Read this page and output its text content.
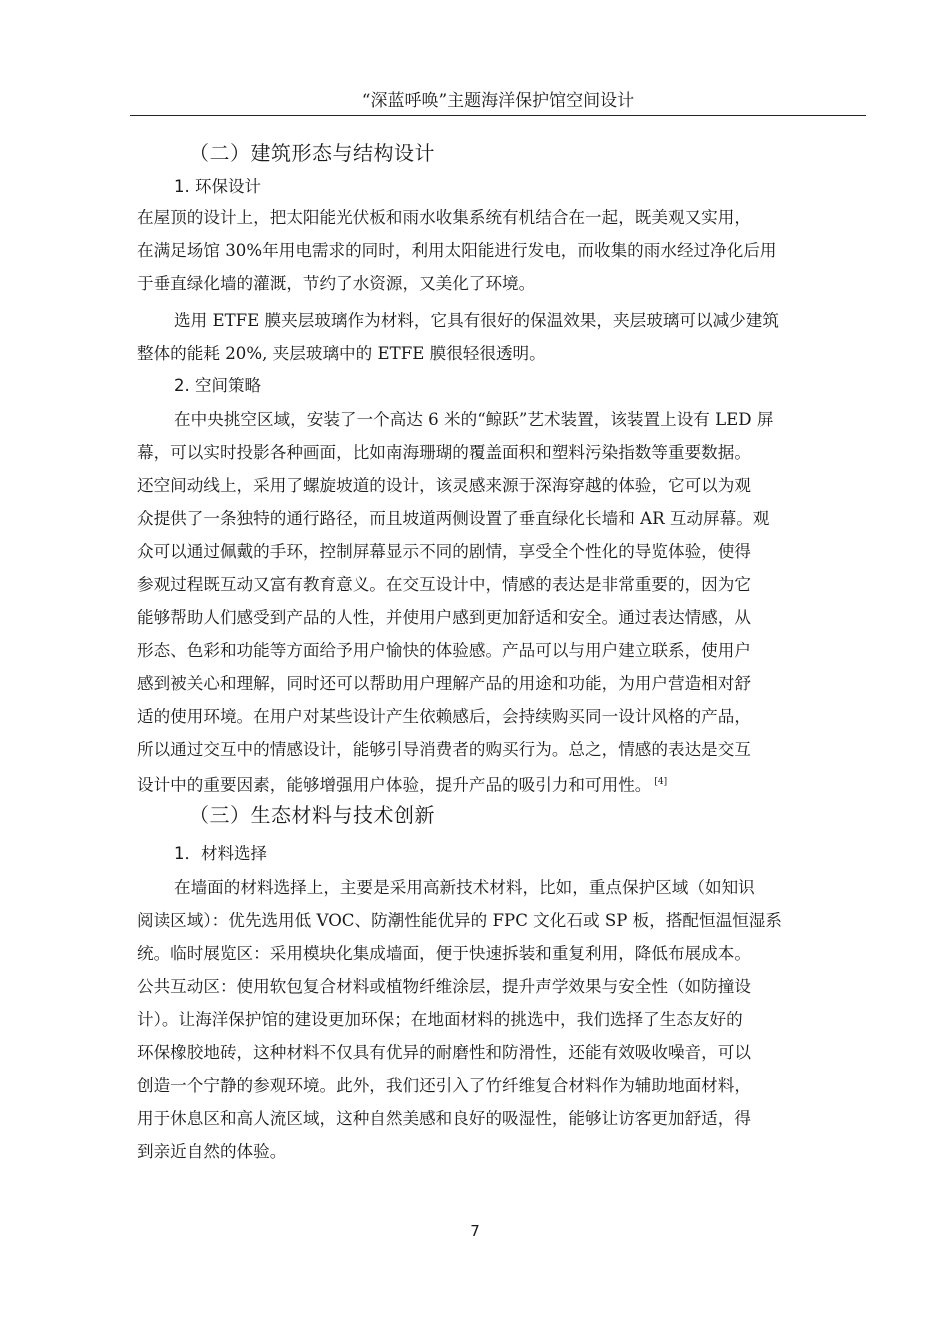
“深蓝呼唤”主题海洋保护馆空间设计
（二）建筑形态与结构设计
1. 环保设计

在屋顶的设计上，把太阳能光伏板和雨水收集系统有机结合在一起，既美观又实用，
在满足场馆 30%年用电需求的同时，利用太阳能进行发电，而收集的雨水经过净化后用
于垂直绿化墙的灌溉，节约了水资源，又美化了环境。

选用 ETFE 膜夹层玻璃作为材料，它具有很好的保温效果，夹层玻璃可以减少建筑
整体的能耗 20%, 夹层玻璃中的 ETFE 膜很轻很透明。

2. 空间策略

在中央挑空区域，安装了一个高达 6 米的“鲸跃”艺术装置，该装置上设有 LED 屏
幕，可以实时投影各种画面，比如南海珊瑚的覆盖面积和塑料污染指数等重要数据。
还空间动线上，采用了螺旋坡道的设计，该灵感来源于深海穿越的体验，它可以为观
众提供了一条独特的通行路径，而且坡道两侧设置了垂直绿化长墙和 AR 互动屏幕。观
众可以通过佩戴的手环，控制屏幕显示不同的剧情，享受全个性化的导览体验，使得
参观过程既互动又富有教育意义。在交互设计中，情感的表达是非常重要的，因为它
能够帮助人们感受到产品的人性，并使用户感到更加舒适和安全。通过表达情感，从
形态、色彩和功能等方面给予用户愉快的体验感。产品可以与用户建立联系，使用户
感到被关心和理解，同时还可以帮助用户理解产品的用途和功能，为用户营造相对舒
适的使用环境。在用户对某些设计产生依赖感后，会持续购买同一设计风格的产品，
所以通过交互中的情感设计，能够引导消费者的购买行为。总之，情感的表达是交互
设计中的重要因素，能够增强用户体验，提升产品的吸引力和可用性。 [4]

（三）生态材料与技术创新
1．材料选择

在墙面的材料选择上，主要是采用高新技术材料，比如，重点保护区域（如知识
阅读区域）：优先选用低 VOC、防潮性能优异的 FPC 文化石或 SP 板，搭配恒温恒湿系
统。临时展览区：采用模块化集成墙面，便于快速拆装和重复利用，降低布展成本。
公共互动区：使用软包复合材料或植物纤维涂层，提升声学效果与安全性（如防撞设
计）。让海洋保护馆的建设更加环保；在地面材料的挑选中，我们选择了生态友好的
环保橡胶地砖，这种材料不仅具有优异的耐磨性和防滑性，还能有效吸收噪音，可以
创造一个宁静的参观环境。此外，我们还引入了竹纤维复合材料作为辅助地面材料，
用于休息区和高人流区域，这种自然美感和良好的吸湿性，能够让访客更加舒适，得
到亲近自然的体验。

7
